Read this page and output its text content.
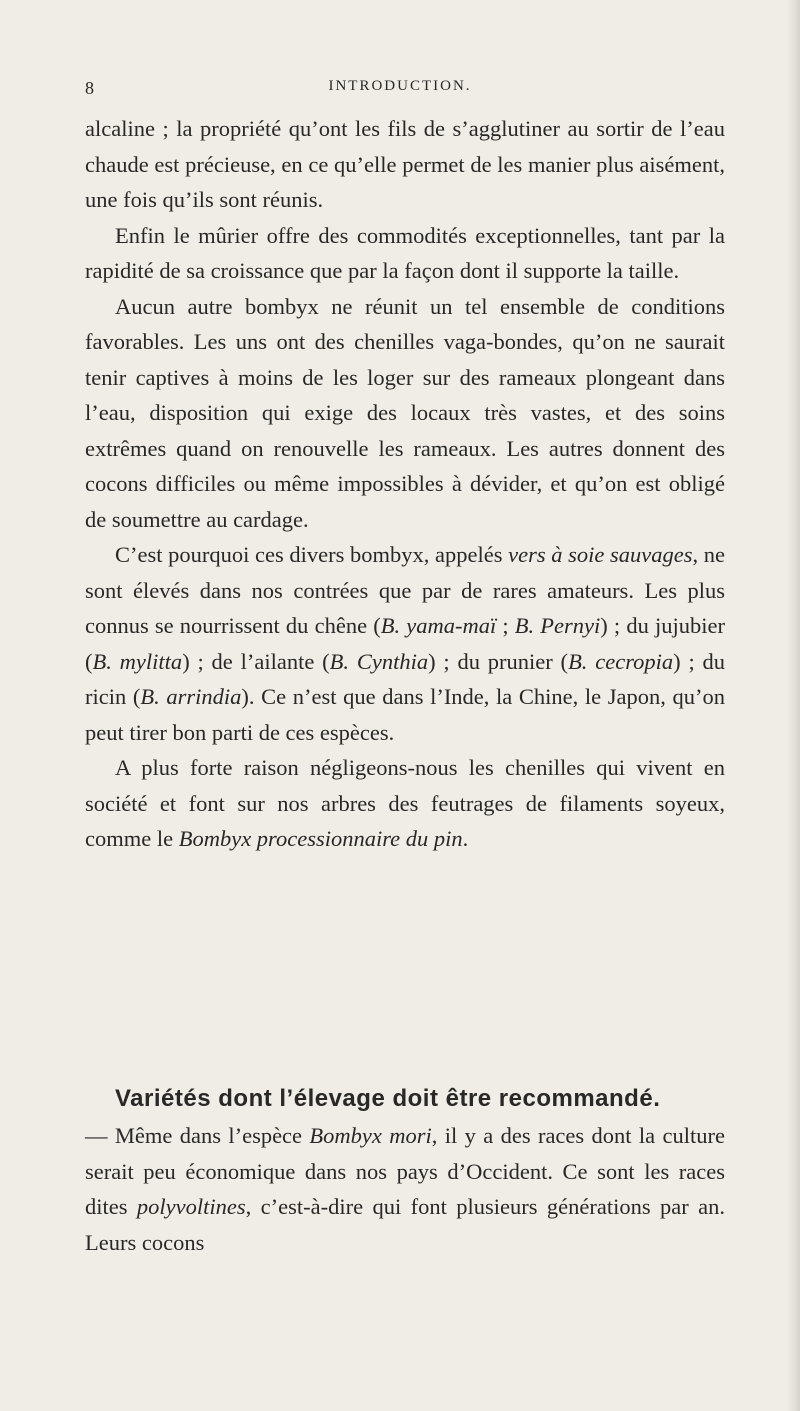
8	INTRODUCTION.

alcaline ; la propriété qu’ont les fils de s’agglutiner au sortir de l’eau chaude est précieuse, en ce qu’elle permet de les manier plus aisément, une fois qu’ils sont réunis.

Enfin le mûrier offre des commodités exceptionnelles, tant par la rapidité de sa croissance que par la façon dont il supporte la taille.

Aucun autre bombyx ne réunit un tel ensemble de conditions favorables. Les uns ont des chenilles vaga-bondes, qu’on ne saurait tenir captives à moins de les loger sur des rameaux plongeant dans l’eau, disposition qui exige des locaux très vastes, et des soins extrêmes quand on renouvelle les rameaux. Les autres donnent des cocons difficiles ou même impossibles à dévider, et qu’on est obligé de soumettre au cardage.

C’est pourquoi ces divers bombyx, appelés vers à soie sauvages, ne sont élevés dans nos contrées que par de rares amateurs. Les plus connus se nourrissent du chêne (B. yama-maï ; B. Pernyi) ; du jujubier (B. mylitta) ; de l’ailante (B. Cynthia) ; du prunier (B. cecropia) ; du ricin (B. arrindia). Ce n’est que dans l’Inde, la Chine, le Japon, qu’on peut tirer bon parti de ces espèces.

A plus forte raison négligeons-nous les chenilles qui vivent en société et font sur nos arbres des feutrages de filaments soyeux, comme le Bombyx processionnaire du pin.

Variétés dont l’élevage doit être recommandé.

— Même dans l’espèce Bombyx mori, il y a des races dont la culture serait peu économique dans nos pays d’Occident. Ce sont les races dites polyvoltines, c’est-à-dire qui font plusieurs générations par an. Leurs cocons
